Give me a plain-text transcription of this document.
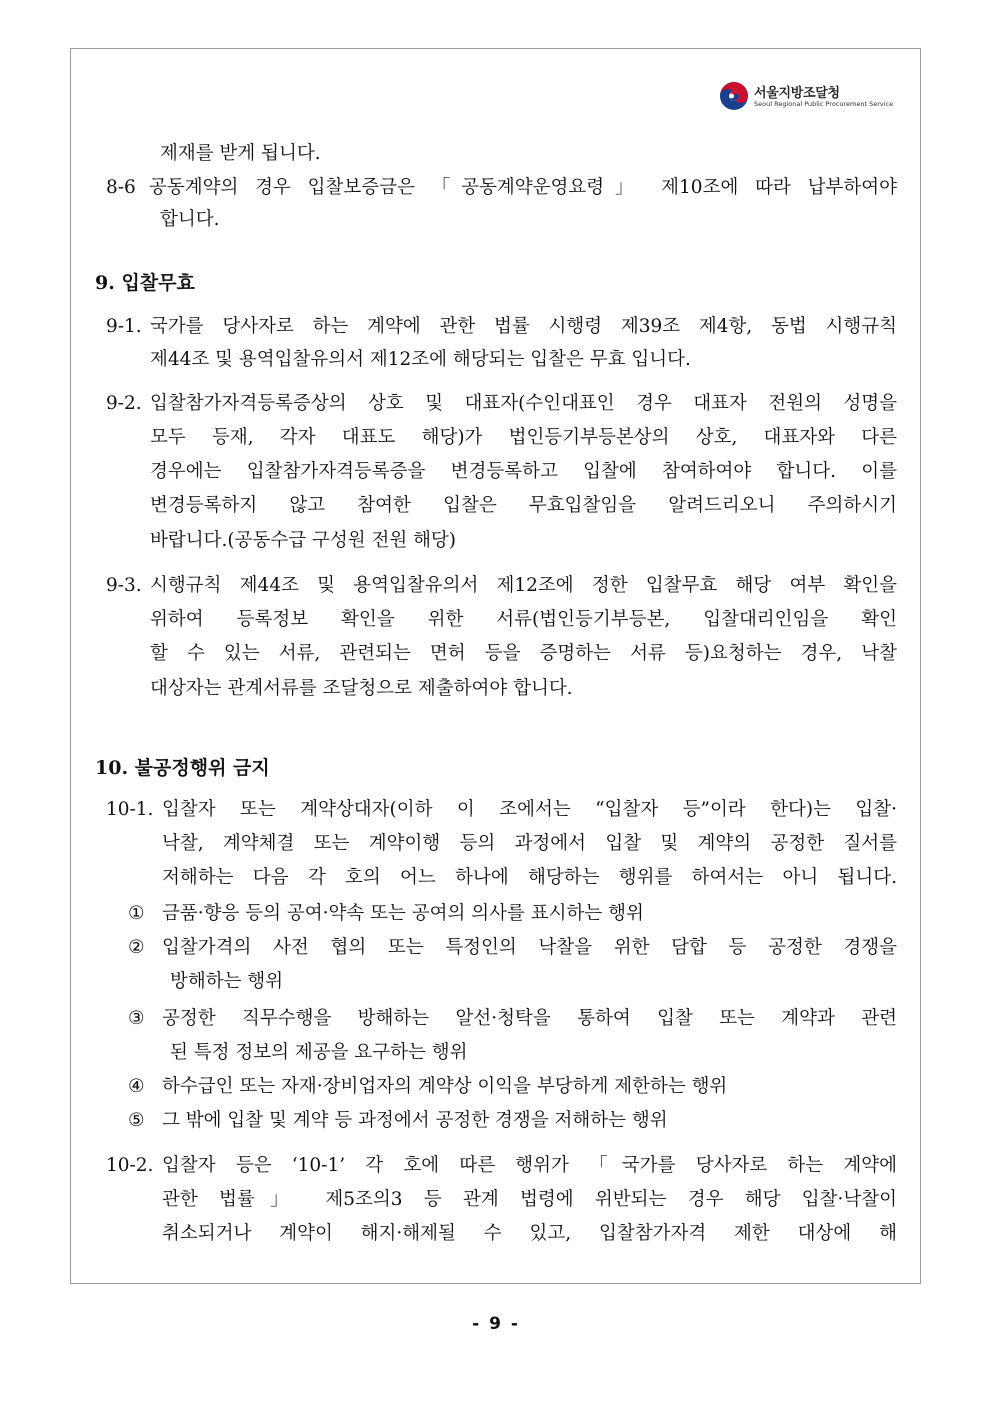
서울지방조달청
Seoul Regional Public Procurement Service
제재를 받게 됩니다.
8-6 공동계약의 경우 입찰보증금은 「공동계약운영요령」 제10조에 따라 납부하여야
합니다.
9. 입찰무효
9-1. 국가를 당사자로 하는 계약에 관한 법률 시행령 제39조 제4항, 동법 시행규칙
제44조 및 용역입찰유의서 제12조에 해당되는 입찰은 무효 입니다.
9-2. 입찰참가자격등록증상의 상호 및 대표자(수인대표인 경우 대표자 전원의 성명을
모두 등재, 각자 대표도 해당)가 법인등기부등본상의 상호, 대표자와 다른
경우에는 입찰참가자격등록증을 변경등록하고 입찰에 참여하여야 합니다. 이를
변경등록하지 않고 참여한 입찰은 무효입찰임을 알려드리오니 주의하시기
바랍니다.(공동수급 구성원 전원 해당)
9-3. 시행규칙 제44조 및 용역입찰유의서 제12조에 정한 입찰무효 해당 여부 확인을
위하여 등록정보 확인을 위한 서류(법인등기부등본, 입찰대리인임을 확인
할 수 있는 서류, 관련되는 면허 등을 증명하는 서류 등)요청하는 경우, 낙찰
대상자는 관계서류를 조달청으로 제출하여야 합니다.
10. 불공정행위 금지
10-1. 입찰자 또는 계약상대자(이하 이 조에서는 “입찰자 등”이라 한다)는 입찰·
낙찰, 계약체결 또는 계약이행 등의 과정에서 입찰 및 계약의 공정한 질서를
저해하는 다음 각 호의 어느 하나에 해당하는 행위를 하여서는 아니 됩니다.
① 금품·향응 등의 공여·약속 또는 공여의 의사를 표시하는 행위
② 입찰가격의 사전 협의 또는 특정인의 낙찰을 위한 담합 등 공정한 경쟁을
방해하는 행위
③ 공정한 직무수행을 방해하는 알선·청탁을 통하여 입찰 또는 계약과 관련
된 특정 정보의 제공을 요구하는 행위
④ 하수급인 또는 자재·장비업자의 계약상 이익을 부당하게 제한하는 행위
⑤ 그 밖에 입찰 및 계약 등 과정에서 공정한 경쟁을 저해하는 행위
10-2. 입찰자 등은 ‘10-1’ 각 호에 따른 행위가 「국가를 당사자로 하는 계약에
관한 법률」 제5조의3 등 관계 법령에 위반되는 경우 해당 입찰·낙찰이
취소되거나 계약이 해지·해제될 수 있고, 입찰참가자격 제한 대상에 해
- 9 -
